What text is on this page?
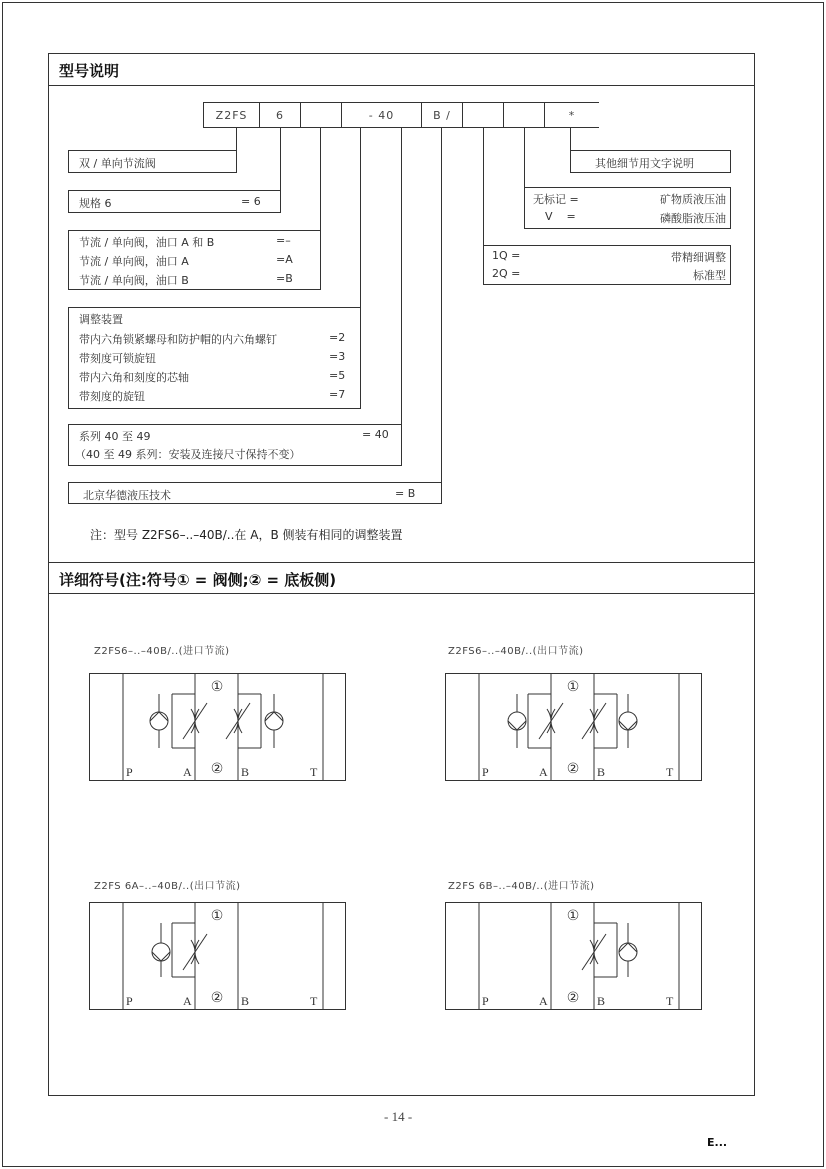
型号说明
Z2FS	6	- 40	B /	*
双 / 单向节流阀
规格 6	= 6
节流 / 单向阀，油口 A 和 B	=–
节流 / 单向阀，油口 A	=A
节流 / 单向阀，油口 B	=B
调整装置
带内六角锁紧螺母和防护帽的内六角螺钉	=2
带刻度可锁旋钮	=3
带内六角和刻度的芯轴	=5
带刻度的旋钮	=7
系列 40 至 49	= 40
（40 至 49 系列：安装及连接尺寸保持不变）
北京华德液压技术	= B
其他细节用文字说明
无标记 =	矿物质液压油
V    =	磷酸脂液压油
1Q =	带精细调整
2Q =	标准型
注：型号 Z2FS6–..–40B/..在 A，B 侧装有相同的调整装置
详细符号(注:符号① = 阀侧;② = 底板侧)
Z2FS6–..–40B/..(进口节流)
①
②
P	A	B	T
Z2FS6–..–40B/..(出口节流)
①
②
P	A	B	T
Z2FS 6A–..–40B/..(出口节流)
①
②
P	A	B	T
Z2FS 6B–..–40B/..(进口节流)
①
②
P	A	B	T
- 14 -
E...
